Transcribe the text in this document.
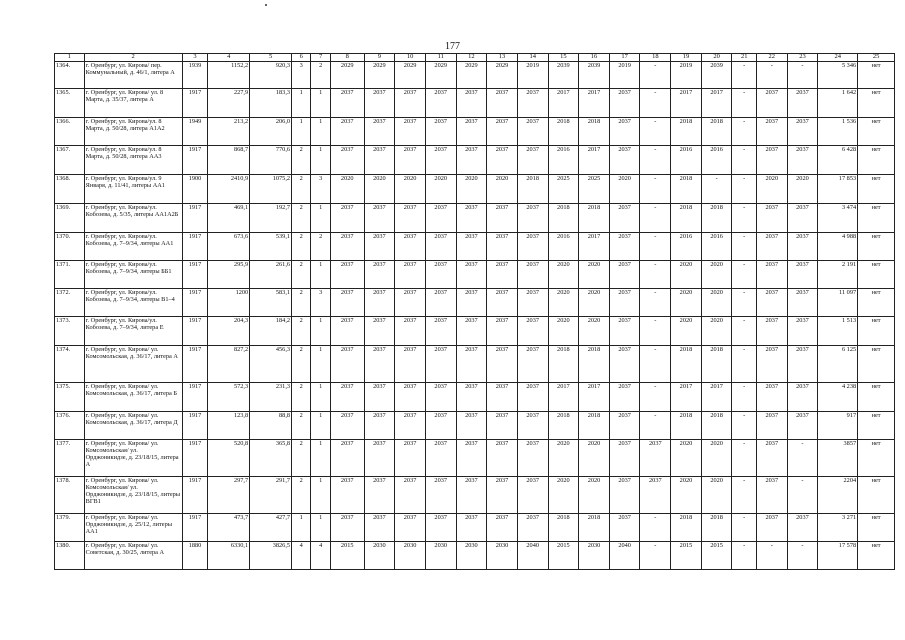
177
1	2	3	4	5	6	7	8	9	10	11	12	13	14	15	16	17	18	19	20	21	22	23	24	25
1364.	г. Оренбург, ул. Кирова/ пер. Коммунальный, д. 46/1, литера А	1939	1152,2	920,3	3	2	2029	2029	2029	2029	2029	2029	2019	2039	2039	2019	-	2019	2039	-	-	-	5 346	нет
1365.	г. Оренбург, ул. Кирова/ ул. 8 Марта, д. 35/37, литера А	1917	227,9	183,3	1	1	2037	2037	2037	2037	2037	2037	2037	2017	2017	2037	-	2017	2017	-	2037	2037	1 642	нет
1366.	г. Оренбург, ул. Кирова/ул. 8 Марта, д. 50/28, литера А1А2	1949	213,2	206,0	1	1	2037	2037	2037	2037	2037	2037	2037	2018	2018	2037	-	2018	2018	-	2037	2037	1 536	нет
1367.	г. Оренбург, ул. Кирова/ул. 8 Марта, д. 50/28, литера АА3	1917	868,7	770,6	2	1	2037	2037	2037	2037	2037	2037	2037	2016	2017	2037	-	2016	2016	-	2037	2037	6 428	нет
1368.	г. Оренбург, ул. Кирова/ул. 9 Января, д. 11/41, литеры АА1	1900	2410,9	1075,2	2	3	2020	2020	2020	2020	2020	2020	2018	2025	2025	2020	-	2018	-	-	2020	2020	17 853	нет
1369.	г. Оренбург, ул. Кирова/ул. Кобозева, д. 5/35, литеры АА1А2Б	1917	469,1	192,7	2	1	2037	2037	2037	2037	2037	2037	2037	2018	2018	2037	-	2018	2018	-	2037	2037	3 474	нет
1370.	г. Оренбург, ул. Кирова/ул. Кобозева, д. 7–9/34, литеры АА1	1917	673,6	539,1	2	2	2037	2037	2037	2037	2037	2037	2037	2016	2017	2037	-	2016	2016	-	2037	2037	4 988	нет
1371.	г. Оренбург, ул. Кирова/ул. Кобозева, д. 7–9/34, литеры ББ1	1917	295,9	261,6	2	1	2037	2037	2037	2037	2037	2037	2037	2020	2020	2037	-	2020	2020	-	2037	2037	2 191	нет
1372.	г. Оренбург, ул. Кирова/ул. Кобозева, д. 7–9/34, литеры В1–4	1917	1200	583,1	2	3	2037	2037	2037	2037	2037	2037	2037	2020	2020	2037	-	2020	2020	-	2037	2037	11 097	нет
1373.	г. Оренбург, ул. Кирова/ул. Кобозева, д. 7–9/34, литера Е	1917	204,3	184,2	2	1	2037	2037	2037	2037	2037	2037	2037	2020	2020	2037	-	2020	2020	-	2037	2037	1 513	нет
1374.	г. Оренбург, ул. Кирова/ ул. Комсомольская, д. 36/17, литера А	1917	827,2	456,3	2	1	2037	2037	2037	2037	2037	2037	2037	2018	2018	2037	-	2018	2018	-	2037	2037	6 125	нет
1375.	г. Оренбург, ул. Кирова/ ул. Комсомольская, д. 36/17, литера Б	1917	572,3	231,3	2	1	2037	2037	2037	2037	2037	2037	2037	2017	2017	2037	-	2017	2017	-	2037	2037	4 238	нет
1376.	г. Оренбург, ул. Кирова/ ул. Комсомольская, д. 36/17, литера Д	1917	123,8	88,8	2	1	2037	2037	2037	2037	2037	2037	2037	2018	2018	2037	-	2018	2018	-	2037	2037	917	нет
1377.	г. Оренбург, ул. Кирова/ ул. Комсомольская/ ул. Орджоникидзе, д. 23/18/15, литера А	1917	520,8	365,8	2	1	2037	2037	2037	2037	2037	2037	2037	2020	2020	2037	2037	2020	2020	-	2037	-	3857	нет
1378.	г. Оренбург, ул. Кирова/ ул. Комсомольская/ ул. Орджоникидзе, д. 23/18/15, литеры ВГВ1	1917	297,7	291,7	2	1	2037	2037	2037	2037	2037	2037	2037	2020	2020	2037	2037	2020	2020	-	2037	-	2204	нет
1379.	г. Оренбург, ул. Кирова/ ул. Орджоникидзе, д. 25/12, литеры АА1	1917	473,7	427,7	1	1	2037	2037	2037	2037	2037	2037	2037	2018	2018	2037	-	2018	2018	-	2037	2037	3 271	нет
1380.	г. Оренбург, ул. Кирова/ ул. Советская, д. 30/25, литера А	1880	6330,1	3826,5	4	4	2015	2030	2030	2030	2030	2030	2040	2015	2030	2040	-	2015	2015	-	-	-	17 578	нет
